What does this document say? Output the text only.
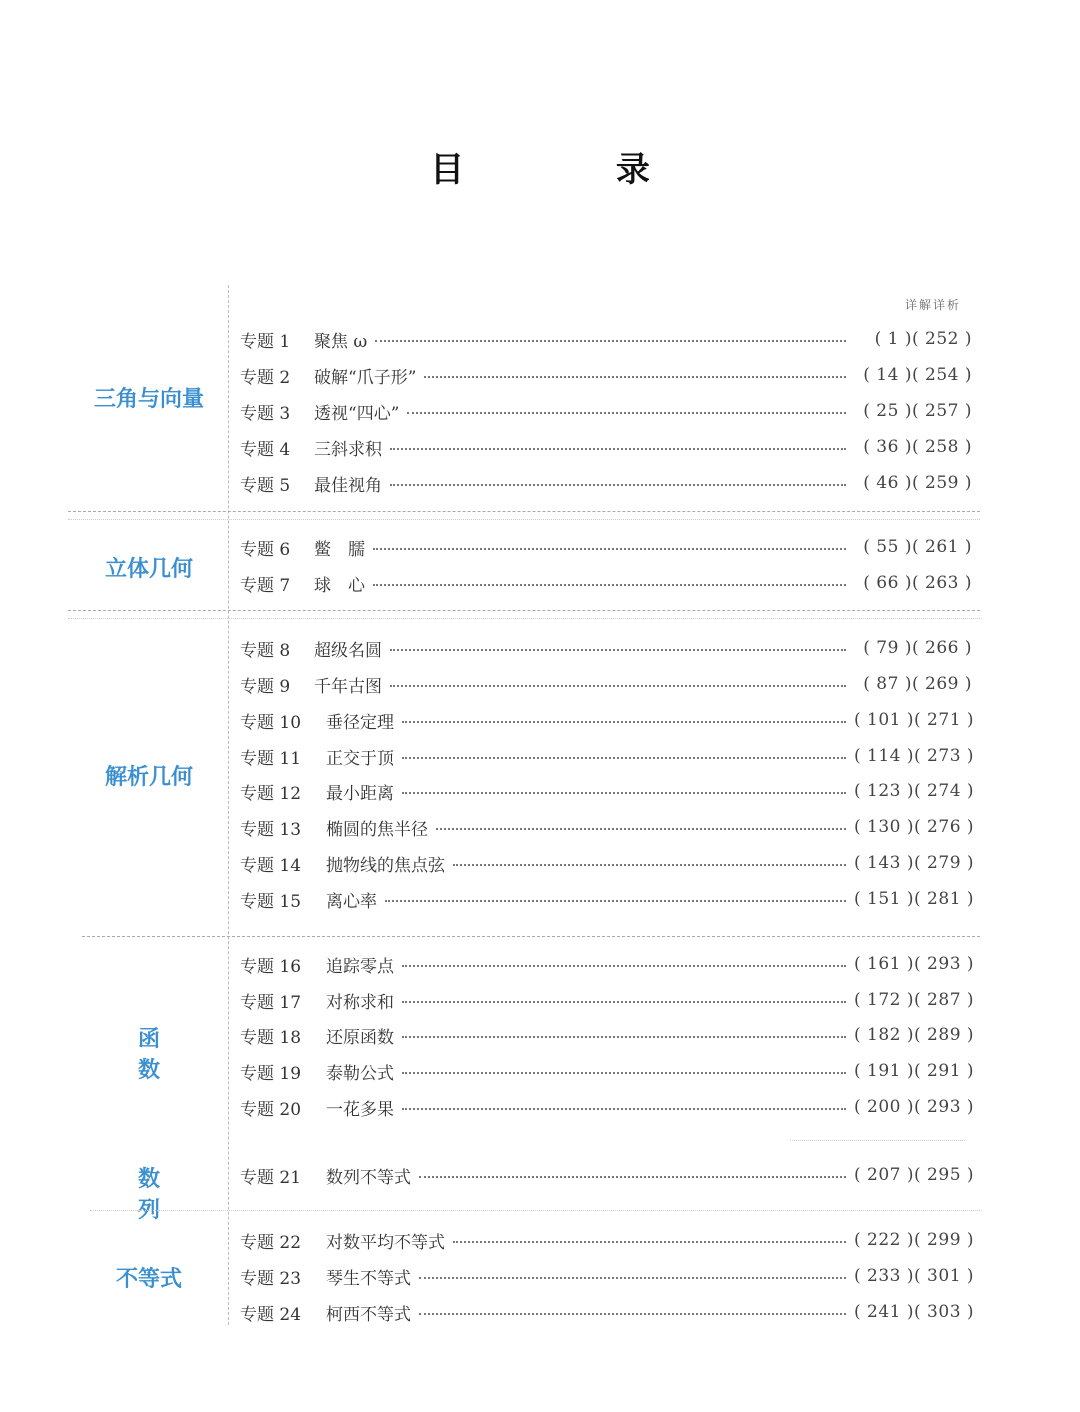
目 录
详解详析
三角与向量
专题 1	聚焦 ω	( 1 )( 252 )
专题 2	破解“爪子形”	( 14 )( 254 )
专题 3	透视“四心”	( 25 )( 257 )
专题 4	三斜求积	( 36 )( 258 )
专题 5	最佳视角	( 46 )( 259 )
立体几何
专题 6	鳖　臑	( 55 )( 261 )
专题 7	球　心	( 66 )( 263 )
解析几何
专题 8	超级名圆	( 79 )( 266 )
专题 9	千年古图	( 87 )( 269 )
专题 10	垂径定理	( 101 )( 271 )
专题 11	正交于顶	( 114 )( 273 )
专题 12	最小距离	( 123 )( 274 )
专题 13	椭圆的焦半径	( 130 )( 276 )
专题 14	抛物线的焦点弦	( 143 )( 279 )
专题 15	离心率	( 151 )( 281 )
函　数
专题 16	追踪零点	( 161 )( 293 )
专题 17	对称求和	( 172 )( 287 )
专题 18	还原函数	( 182 )( 289 )
专题 19	泰勒公式	( 191 )( 291 )
专题 20	一花多果	( 200 )( 293 )
数　列
专题 21	数列不等式	( 207 )( 295 )
不等式
专题 22	对数平均不等式	( 222 )( 299 )
专题 23	琴生不等式	( 233 )( 301 )
专题 24	柯西不等式	( 241 )( 303 )
